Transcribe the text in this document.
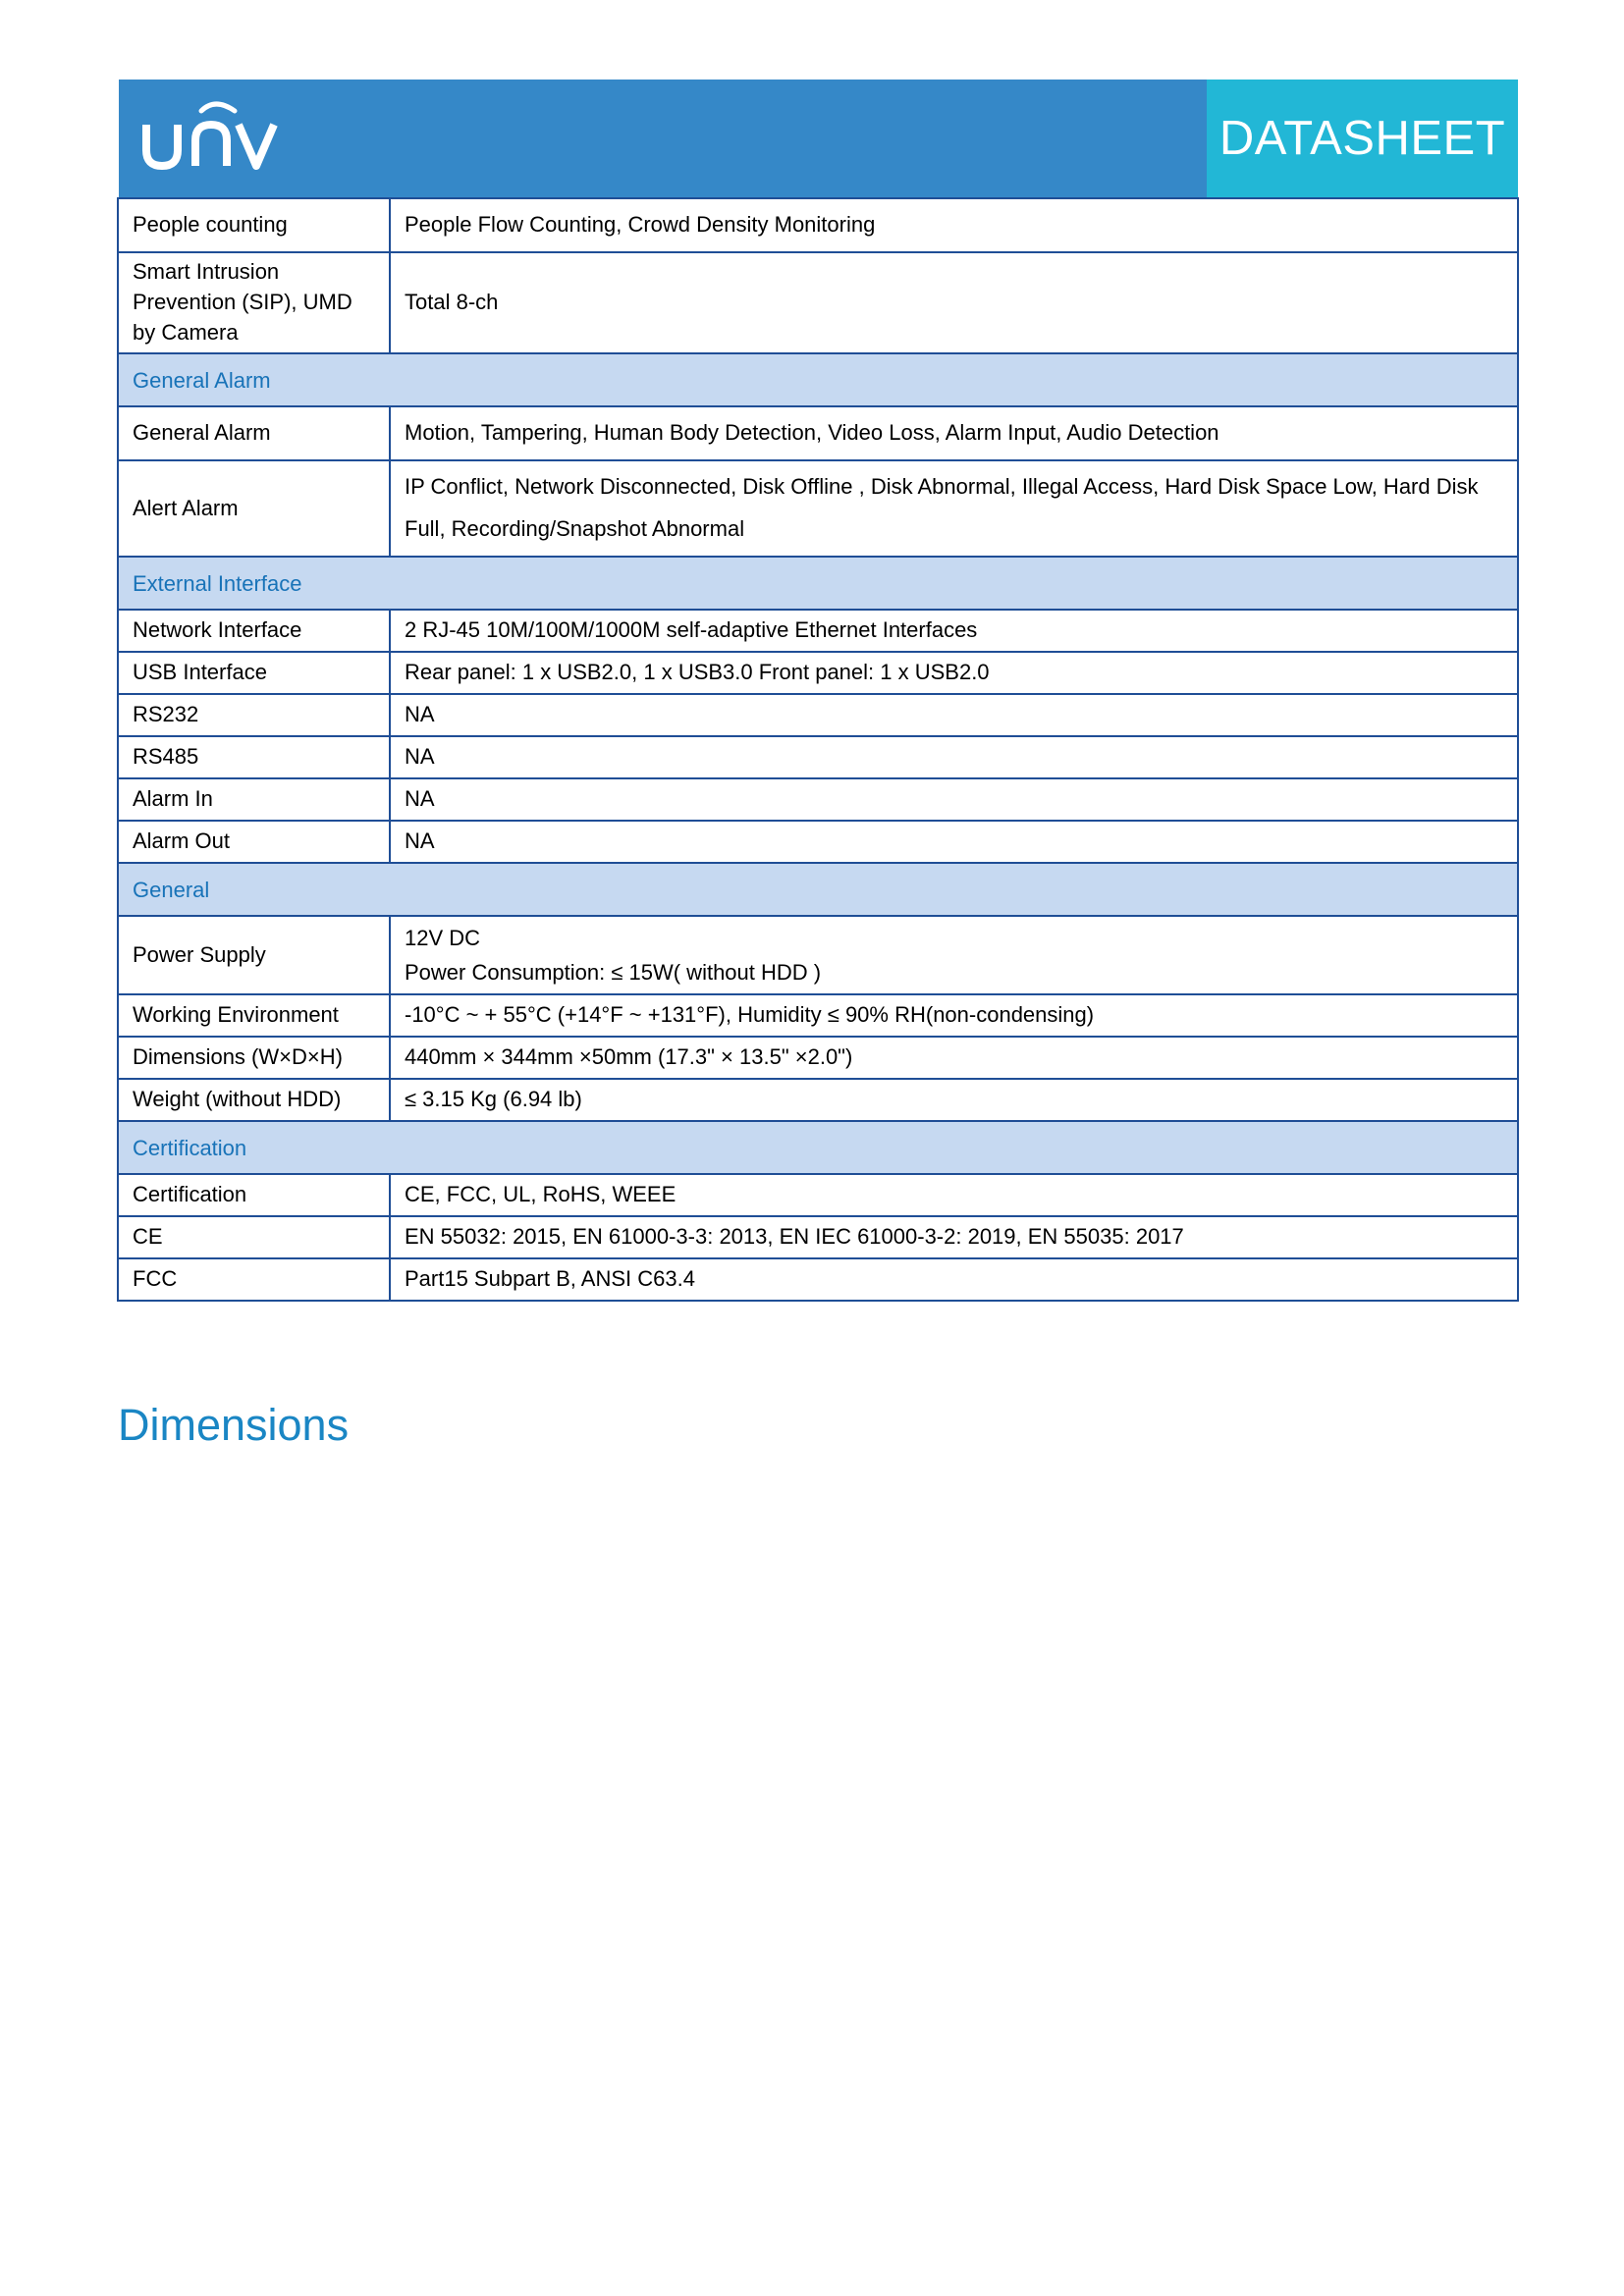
DATASHEET
People counting	People Flow Counting, Crowd Density Monitoring
Smart Intrusion Prevention (SIP), UMD by Camera	Total 8-ch
General Alarm	
General Alarm	Motion, Tampering, Human Body Detection, Video Loss, Alarm Input, Audio Detection
Alert Alarm	IP Conflict, Network Disconnected, Disk Offline , Disk Abnormal, Illegal Access, Hard Disk Space Low, Hard Disk Full, Recording/Snapshot Abnormal
External Interface	
Network Interface	2 RJ-45 10M/100M/1000M self-adaptive Ethernet Interfaces
USB Interface	Rear panel: 1 x USB2.0, 1 x USB3.0 Front panel: 1 x USB2.0
RS232	NA
RS485	NA
Alarm In	NA
Alarm Out	NA
General	
Power Supply	12V DC
Power Consumption: ≤ 15W( without HDD )

Working Environment	-10°C ~ + 55°C (+14°F ~ +131°F), Humidity ≤ 90% RH(non-condensing)
Dimensions (W×D×H)	440mm × 344mm ×50mm (17.3" × 13.5" ×2.0")
Weight (without HDD)	≤ 3.15 Kg (6.94 lb)
Certification	
Certification	CE, FCC, UL, RoHS, WEEE
CE	EN 55032: 2015, EN 61000-3-3: 2013, EN IEC 61000-3-2: 2019, EN 55035: 2017
FCC	Part15 Subpart B, ANSI C63.4
Dimensions
